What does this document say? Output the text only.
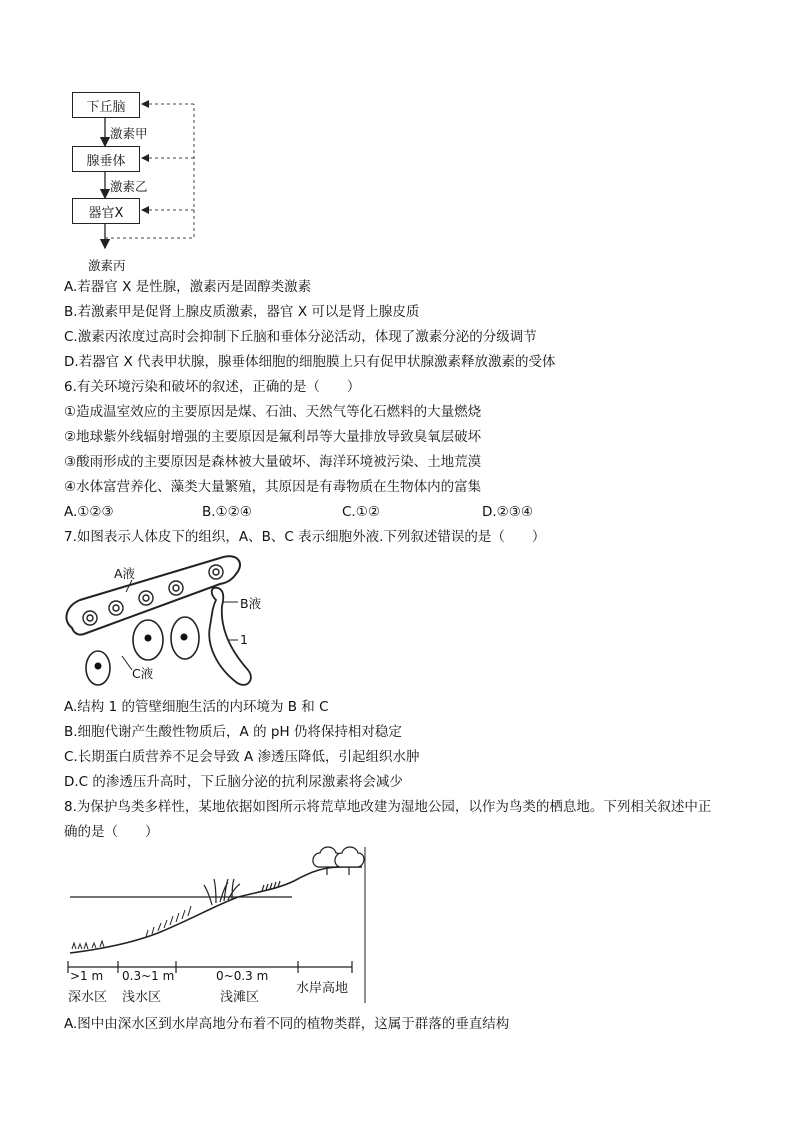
下丘脑
腺垂体
器官X
激素甲
激素乙
激素丙
A.若器官 X 是性腺，激素丙是固醇类激素
B.若激素甲是促肾上腺皮质激素，器官 X 可以是肾上腺皮质
C.激素丙浓度过高时会抑制下丘脑和垂体分泌活动，体现了激素分泌的分级调节
D.若器官 X 代表甲状腺，腺垂体细胞的细胞膜上只有促甲状腺激素释放激素的受体
6.有关环境污染和破坏的叙述，正确的是（　　）
①造成温室效应的主要原因是煤、石油、天然气等化石燃料的大量燃烧
②地球紫外线辐射增强的主要原因是氟利昂等大量排放导致臭氧层破坏
③酸雨形成的主要原因是森林被大量破坏、海洋环境被污染、土地荒漠
④水体富营养化、藻类大量繁殖，其原因是有毒物质在生物体内的富集
A.①②③	B.①②④	C.①②	D.②③④
7.如图表示人体皮下的组织，A、B、C 表示细胞外液.下列叙述错误的是（　　）
A液
B液
1
C液
A.结构 1 的管壁细胞生活的内环境为 B 和 C
B.细胞代谢产生酸性物质后，A 的 pH 仍将保持相对稳定
C.长期蛋白质营养不足会导致 A 渗透压降低，引起组织水肿
D.C 的渗透压升高时，下丘脑分泌的抗利尿激素将会减少
8.为保护鸟类多样性，某地依据如图所示将荒草地改建为湿地公园，以作为鸟类的栖息地。下列相关叙述中正
确的是（　　）
>1 m 0.3~1 m	0~0.3 m
深水区 浅水区	浅滩区
水岸高地
A.图中由深水区到水岸高地分布着不同的植物类群，这属于群落的垂直结构
